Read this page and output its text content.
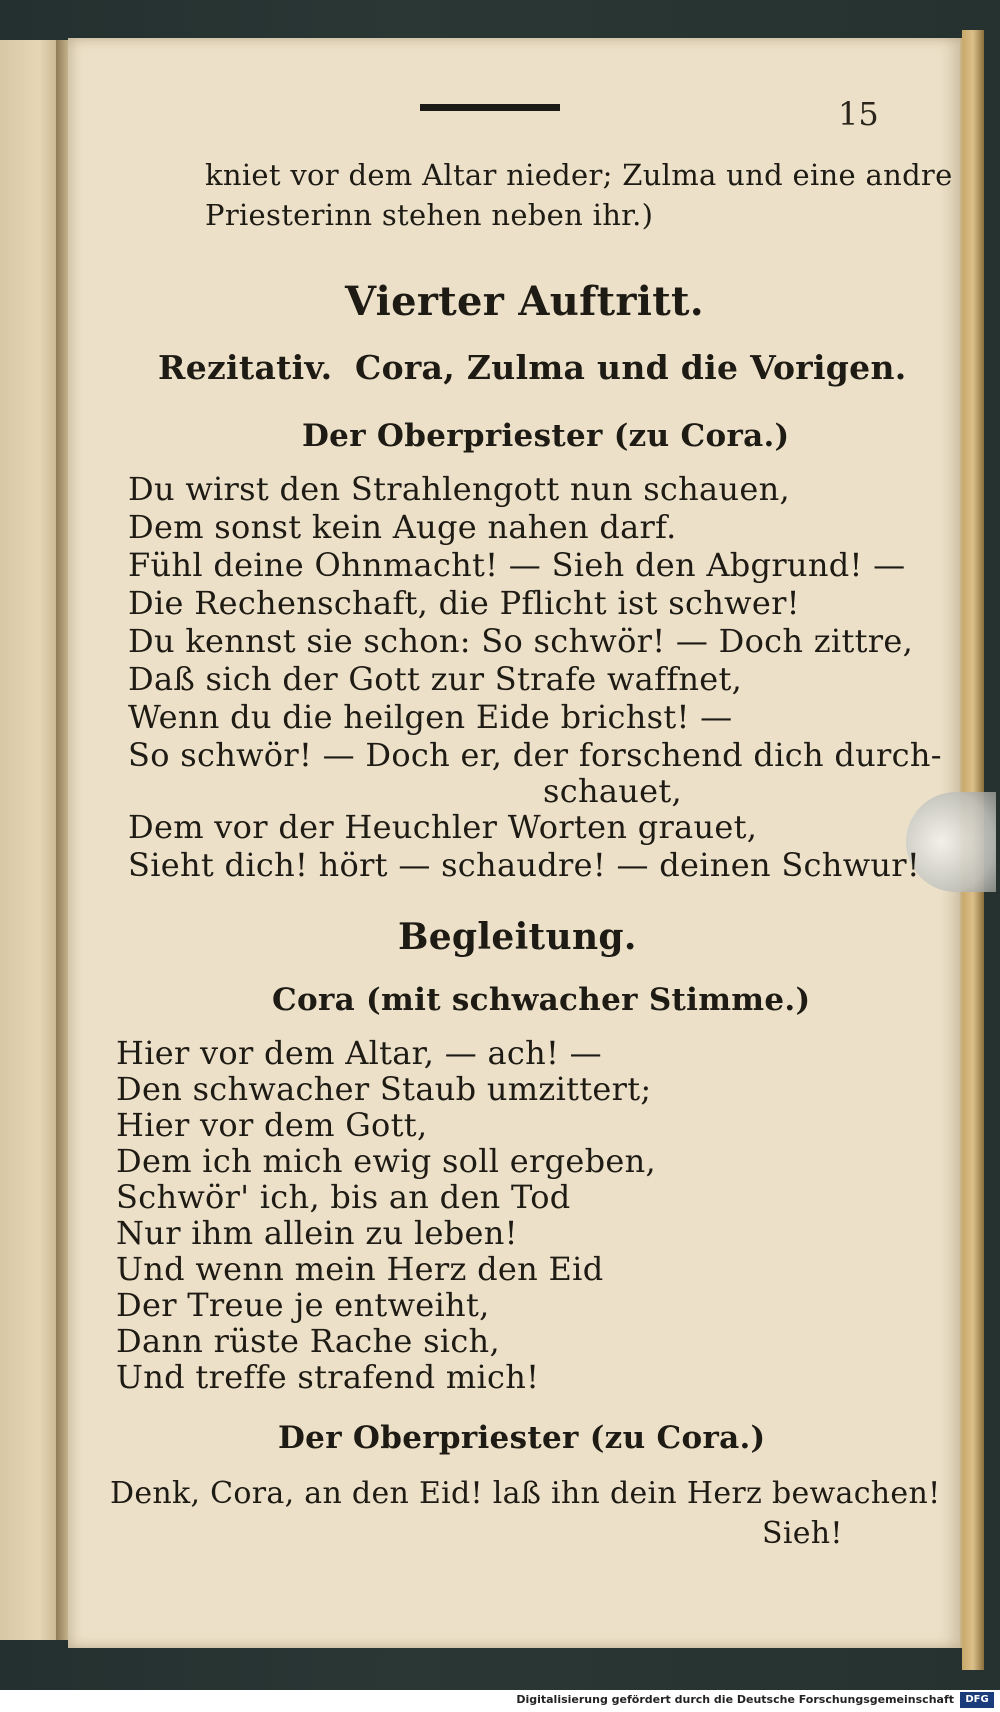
15
kniet vor dem Altar nieder; Zulma und eine andre
Priesterinn stehen neben ihr.)
Vierter Auftritt.
Rezitativ. Cora, Zulma und die Vorigen.
Der Oberpriester (zu Cora.)
Du wirst den Strahlengott nun schauen,
Dem sonst kein Auge nahen darf.
Fühl deine Ohnmacht! — Sieh den Abgrund! —
Die Rechenschaft, die Pflicht ist schwer!
Du kennst sie schon: So schwör! — Doch zittre,
Daß sich der Gott zur Strafe waffnet,
Wenn du die heilgen Eide brichst! —
So schwör! — Doch er, der forschend dich durch-
schauet,
Dem vor der Heuchler Worten grauet,
Sieht dich! hört — schaudre! — deinen Schwur!
Begleitung.
Cora (mit schwacher Stimme.)
Hier vor dem Altar, — ach! —
Den schwacher Staub umzittert;
Hier vor dem Gott,
Dem ich mich ewig soll ergeben,
Schwör' ich, bis an den Tod
Nur ihm allein zu leben!
Und wenn mein Herz den Eid
Der Treue je entweiht,
Dann rüste Rache sich,
Und treffe strafend mich!
Der Oberpriester (zu Cora.)
Denk, Cora, an den Eid! laß ihn dein Herz bewachen!
Sieh!
Digitalisierung gefördert durch die Deutsche Forschungsgemeinschaft	DFG
